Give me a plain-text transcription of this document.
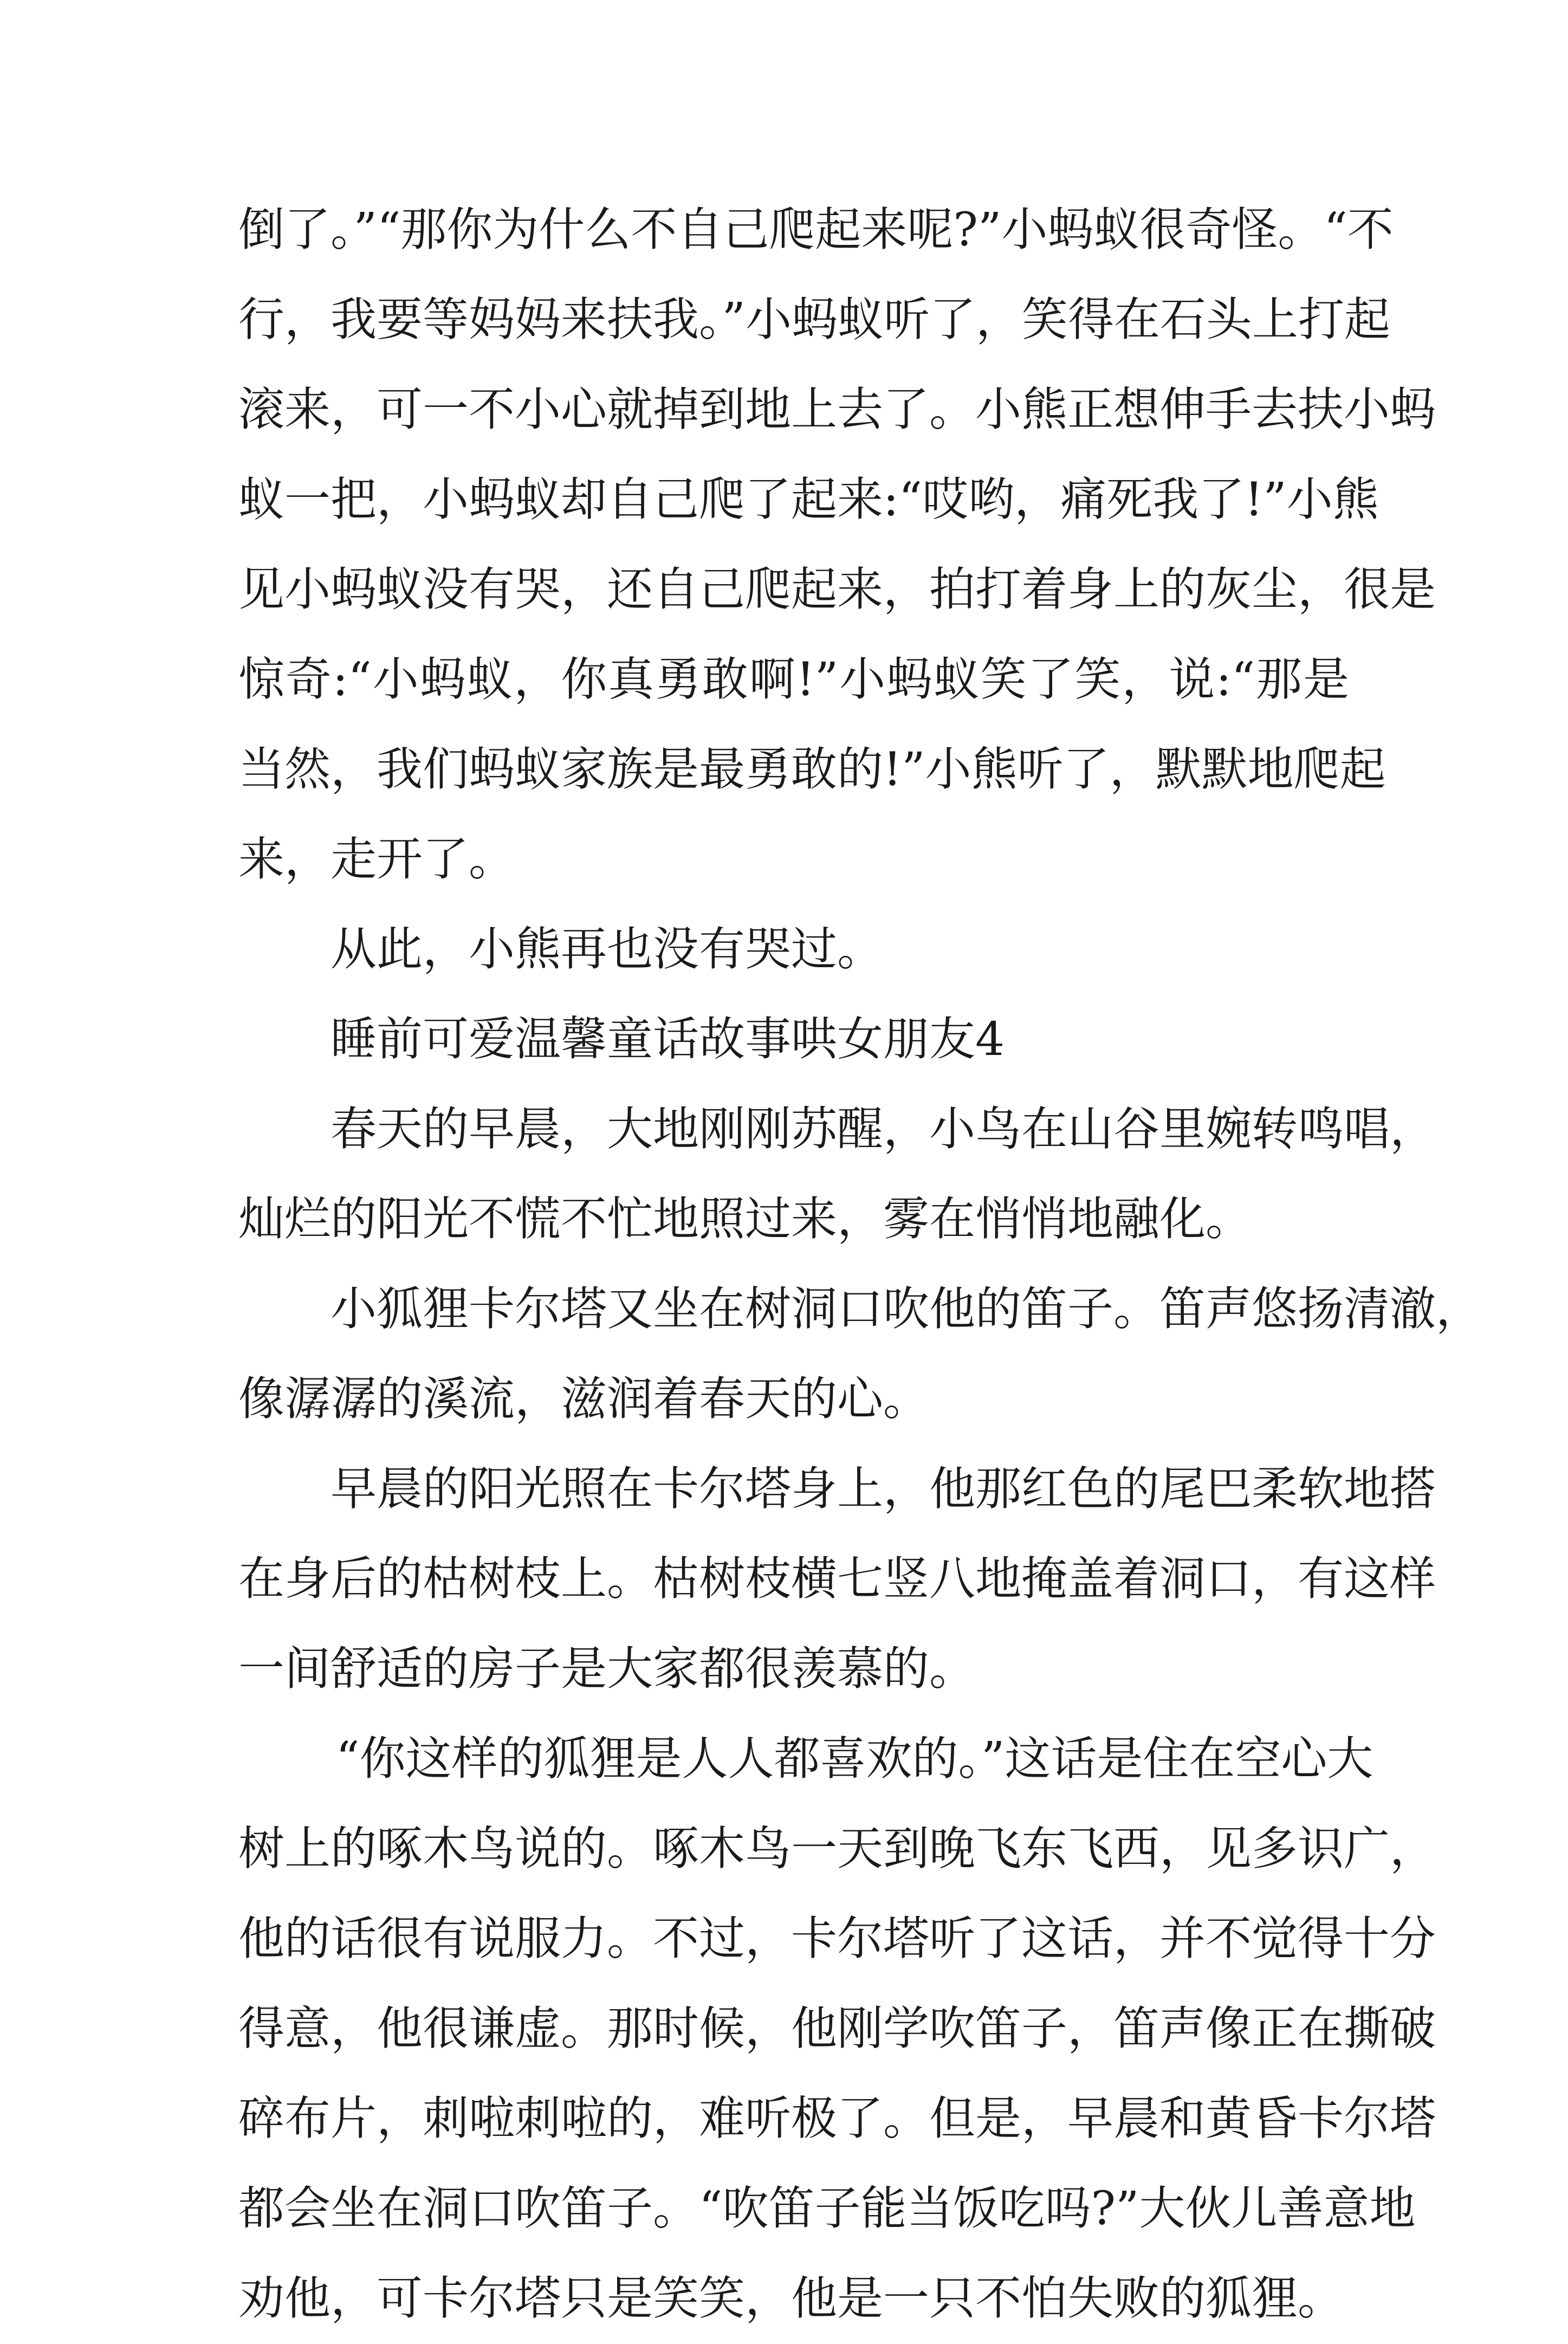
倒了。”“那你为什么不自己爬起来呢?”小蚂蚁很奇怪。“不
行，我要等妈妈来扶我。”小蚂蚁听了，笑得在石头上打起
滚来，可一不小心就掉到地上去了。小熊正想伸手去扶小蚂
蚁一把，小蚂蚁却自己爬了起来:“哎哟，痛死我了!”小熊
见小蚂蚁没有哭，还自己爬起来，拍打着身上的灰尘，很是
惊奇:“小蚂蚁，你真勇敢啊!”小蚂蚁笑了笑，说:“那是
当然，我们蚂蚁家族是最勇敢的!”小熊听了，默默地爬起
来，走开了。
从此，小熊再也没有哭过。
睡前可爱温馨童话故事哄女朋友4
春天的早晨，大地刚刚苏醒，小鸟在山谷里婉转鸣唱，
灿烂的阳光不慌不忙地照过来，雾在悄悄地融化。
小狐狸卡尔塔又坐在树洞口吹他的笛子。笛声悠扬清澈，
像潺潺的溪流，滋润着春天的心。
早晨的阳光照在卡尔塔身上，他那红色的尾巴柔软地搭
在身后的枯树枝上。枯树枝横七竖八地掩盖着洞口，有这样
一间舒适的房子是大家都很羡慕的。
“你这样的狐狸是人人都喜欢的。”这话是住在空心大
树上的啄木鸟说的。啄木鸟一天到晚飞东飞西，见多识广，
他的话很有说服力。不过，卡尔塔听了这话，并不觉得十分
得意，他很谦虚。那时候，他刚学吹笛子，笛声像正在撕破
碎布片，刺啦刺啦的，难听极了。但是，早晨和黄昏卡尔塔
都会坐在洞口吹笛子。“吹笛子能当饭吃吗?”大伙儿善意地
劝他，可卡尔塔只是笑笑，他是一只不怕失败的狐狸。
